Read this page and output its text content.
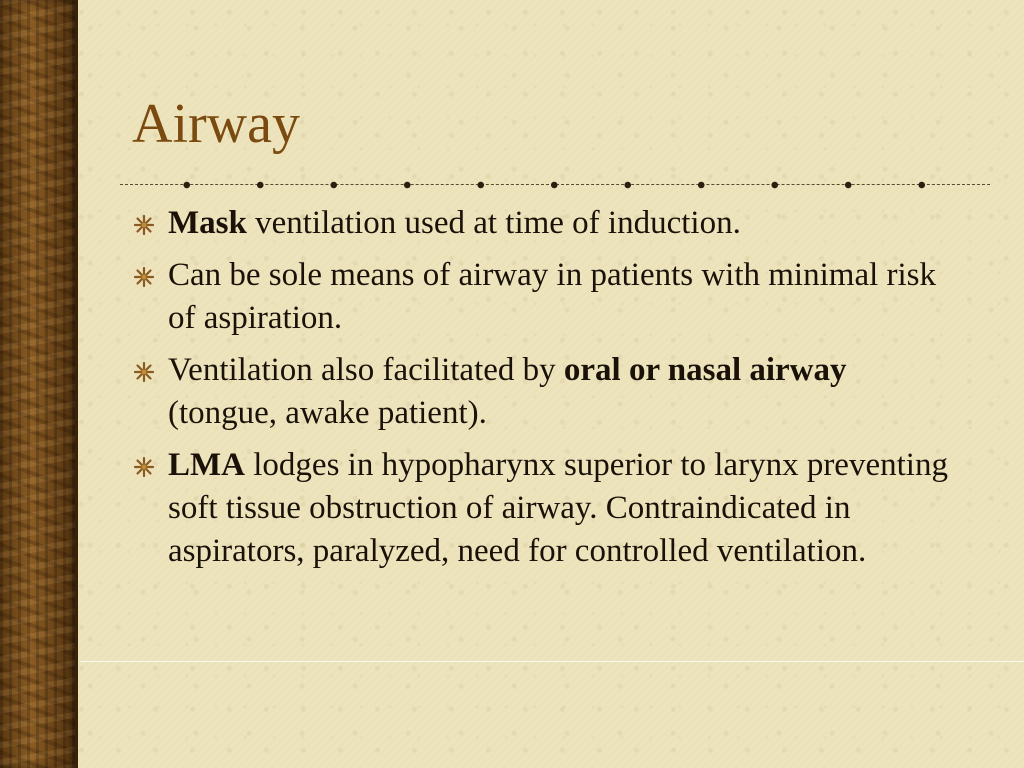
Airway
Mask ventilation used at time of induction.
Can be sole means of airway in patients with minimal risk of aspiration.
Ventilation also facilitated by oral or nasal airway (tongue, awake patient).
LMA lodges in hypopharynx superior to larynx preventing soft tissue obstruction of airway. Contraindicated in aspirators, paralyzed, need for controlled ventilation.
